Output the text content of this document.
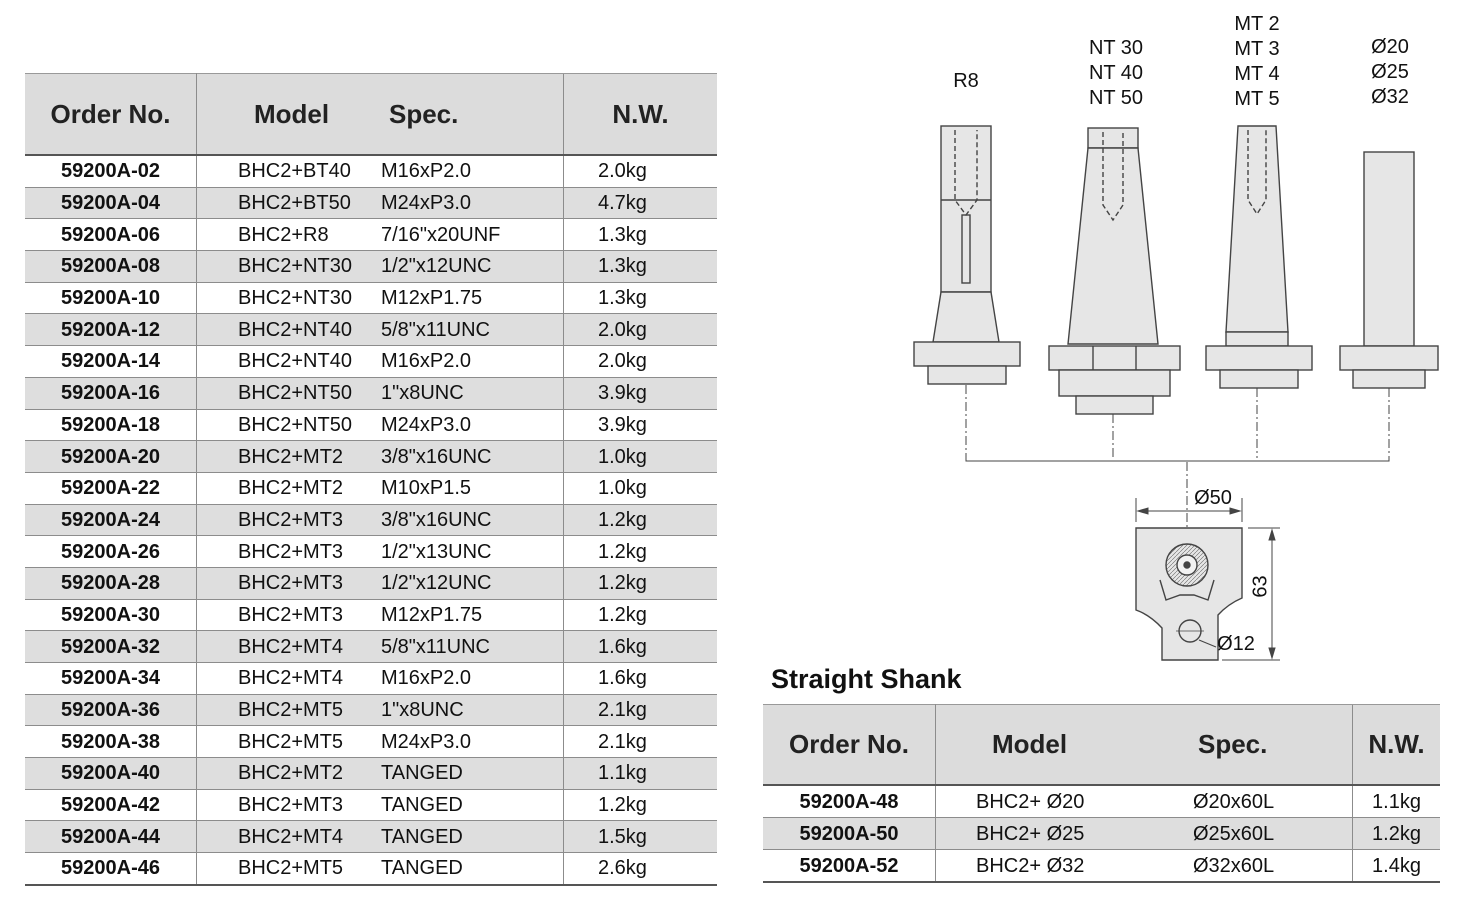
Order No.	Model	Spec.	N.W.
59200A-02	BHC2+BT40	M16xP2.0	2.0kg
59200A-04	BHC2+BT50	M24xP3.0	4.7kg
59200A-06	BHC2+R8	7/16"x20UNF	1.3kg
59200A-08	BHC2+NT30	1/2"x12UNC	1.3kg
59200A-10	BHC2+NT30	M12xP1.75	1.3kg
59200A-12	BHC2+NT40	5/8"x11UNC	2.0kg
59200A-14	BHC2+NT40	M16xP2.0	2.0kg
59200A-16	BHC2+NT50	1"x8UNC	3.9kg
59200A-18	BHC2+NT50	M24xP3.0	3.9kg
59200A-20	BHC2+MT2	3/8"x16UNC	1.0kg
59200A-22	BHC2+MT2	M10xP1.5	1.0kg
59200A-24	BHC2+MT3	3/8"x16UNC	1.2kg
59200A-26	BHC2+MT3	1/2"x13UNC	1.2kg
59200A-28	BHC2+MT3	1/2"x12UNC	1.2kg
59200A-30	BHC2+MT3	M12xP1.75	1.2kg
59200A-32	BHC2+MT4	5/8"x11UNC	1.6kg
59200A-34	BHC2+MT4	M16xP2.0	1.6kg
59200A-36	BHC2+MT5	1"x8UNC	2.1kg
59200A-38	BHC2+MT5	M24xP3.0	2.1kg
59200A-40	BHC2+MT2	TANGED	1.1kg
59200A-42	BHC2+MT3	TANGED	1.2kg
59200A-44	BHC2+MT4	TANGED	1.5kg
59200A-46	BHC2+MT5	TANGED	2.6kg
Straight Shank
Order No.	Model	Spec.	N.W.
59200A-48	BHC2+ Ø20	Ø20x60L	1.1kg
59200A-50	BHC2+ Ø25	Ø25x60L	1.2kg
59200A-52	BHC2+ Ø32	Ø32x60L	1.4kg
R8
NT 30
NT 40
NT 50
MT 2
MT 3
MT 4
MT 5
Ø20
Ø25
Ø32
Ø50
63
Ø12
